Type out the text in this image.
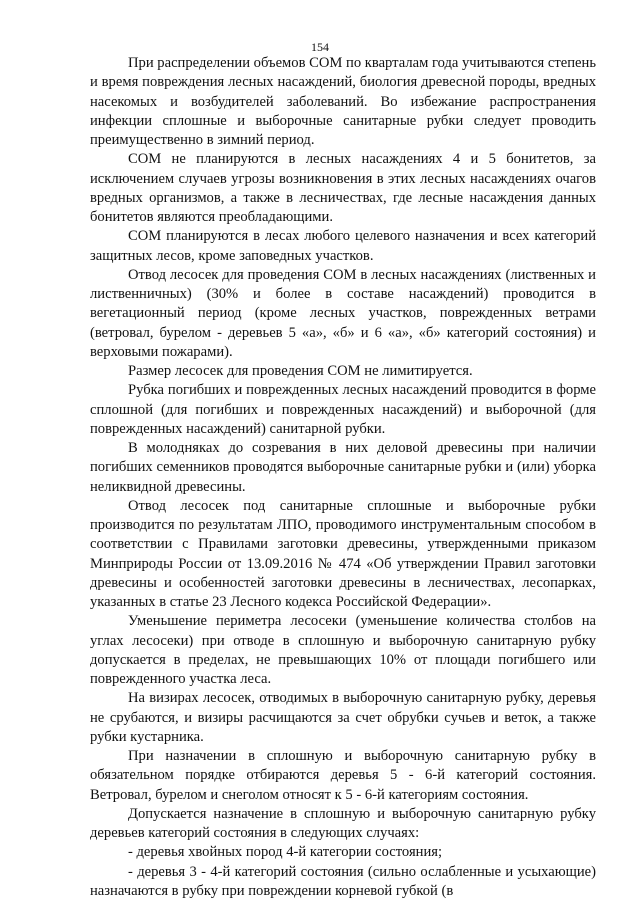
154

При распределении объемов СОМ по кварталам года учитываются степень и время повреждения лесных насаждений, биология древесной породы, вредных насекомых и возбудителей заболеваний. Во избежание распространения инфекции сплошные и выборочные санитарные рубки следует проводить преимущественно в зимний период.

СОМ не планируются в лесных насаждениях 4 и 5 бонитетов, за исключением случаев угрозы возникновения в этих лесных насаждениях очагов вредных организмов, а также в лесничествах, где лесные насаждения данных бонитетов являются преобладающими.

СОМ планируются в лесах любого целевого назначения и всех категорий защитных лесов, кроме заповедных участков.

Отвод лесосек для проведения СОМ в лесных насаждениях (лиственных и лиственничных) (30% и более в составе насаждений) проводится в вегетационный период (кроме лесных участков, поврежденных ветрами (ветровал, бурелом - деревьев 5 «а», «б» и 6 «а», «б» категорий состояния) и верховыми пожарами).

Размер лесосек для проведения СОМ не лимитируется.

Рубка погибших и поврежденных лесных насаждений проводится в форме сплошной (для погибших и поврежденных насаждений) и выборочной (для поврежденных насаждений) санитарной рубки.

В молодняках до созревания в них деловой древесины при наличии погибших семенников проводятся выборочные санитарные рубки и (или) уборка неликвидной древесины.

Отвод лесосек под санитарные сплошные и выборочные рубки производится по результатам ЛПО, проводимого инструментальным способом в соответствии с Правилами заготовки древесины, утвержденными приказом Минприроды России от 13.09.2016 № 474 «Об утверждении Правил заготовки древесины и особенностей заготовки древесины в лесничествах, лесопарках, указанных в статье 23 Лесного кодекса Российской Федерации».

Уменьшение периметра лесосеки (уменьшение количества столбов на углах лесосеки) при отводе в сплошную и выборочную санитарную рубку допускается в пределах, не превышающих 10% от площади погибшего или поврежденного участка леса.

На визирах лесосек, отводимых в выборочную санитарную рубку, деревья не срубаются, и визиры расчищаются за счет обрубки сучьев и веток, а также рубки кустарника.

При назначении в сплошную и выборочную санитарную рубку в обязательном порядке отбираются деревья 5 - 6-й категорий состояния. Ветровал, бурелом и снеголом относят к 5 - 6-й категориям состояния.

Допускается назначение в сплошную и выборочную санитарную рубку деревьев категорий состояния в следующих случаях:

- деревья хвойных пород 4-й категории состояния;

- деревья 3 - 4-й категорий состояния (сильно ослабленные и усыхающие) назначаются в рубку при повреждении корневой губкой (в
